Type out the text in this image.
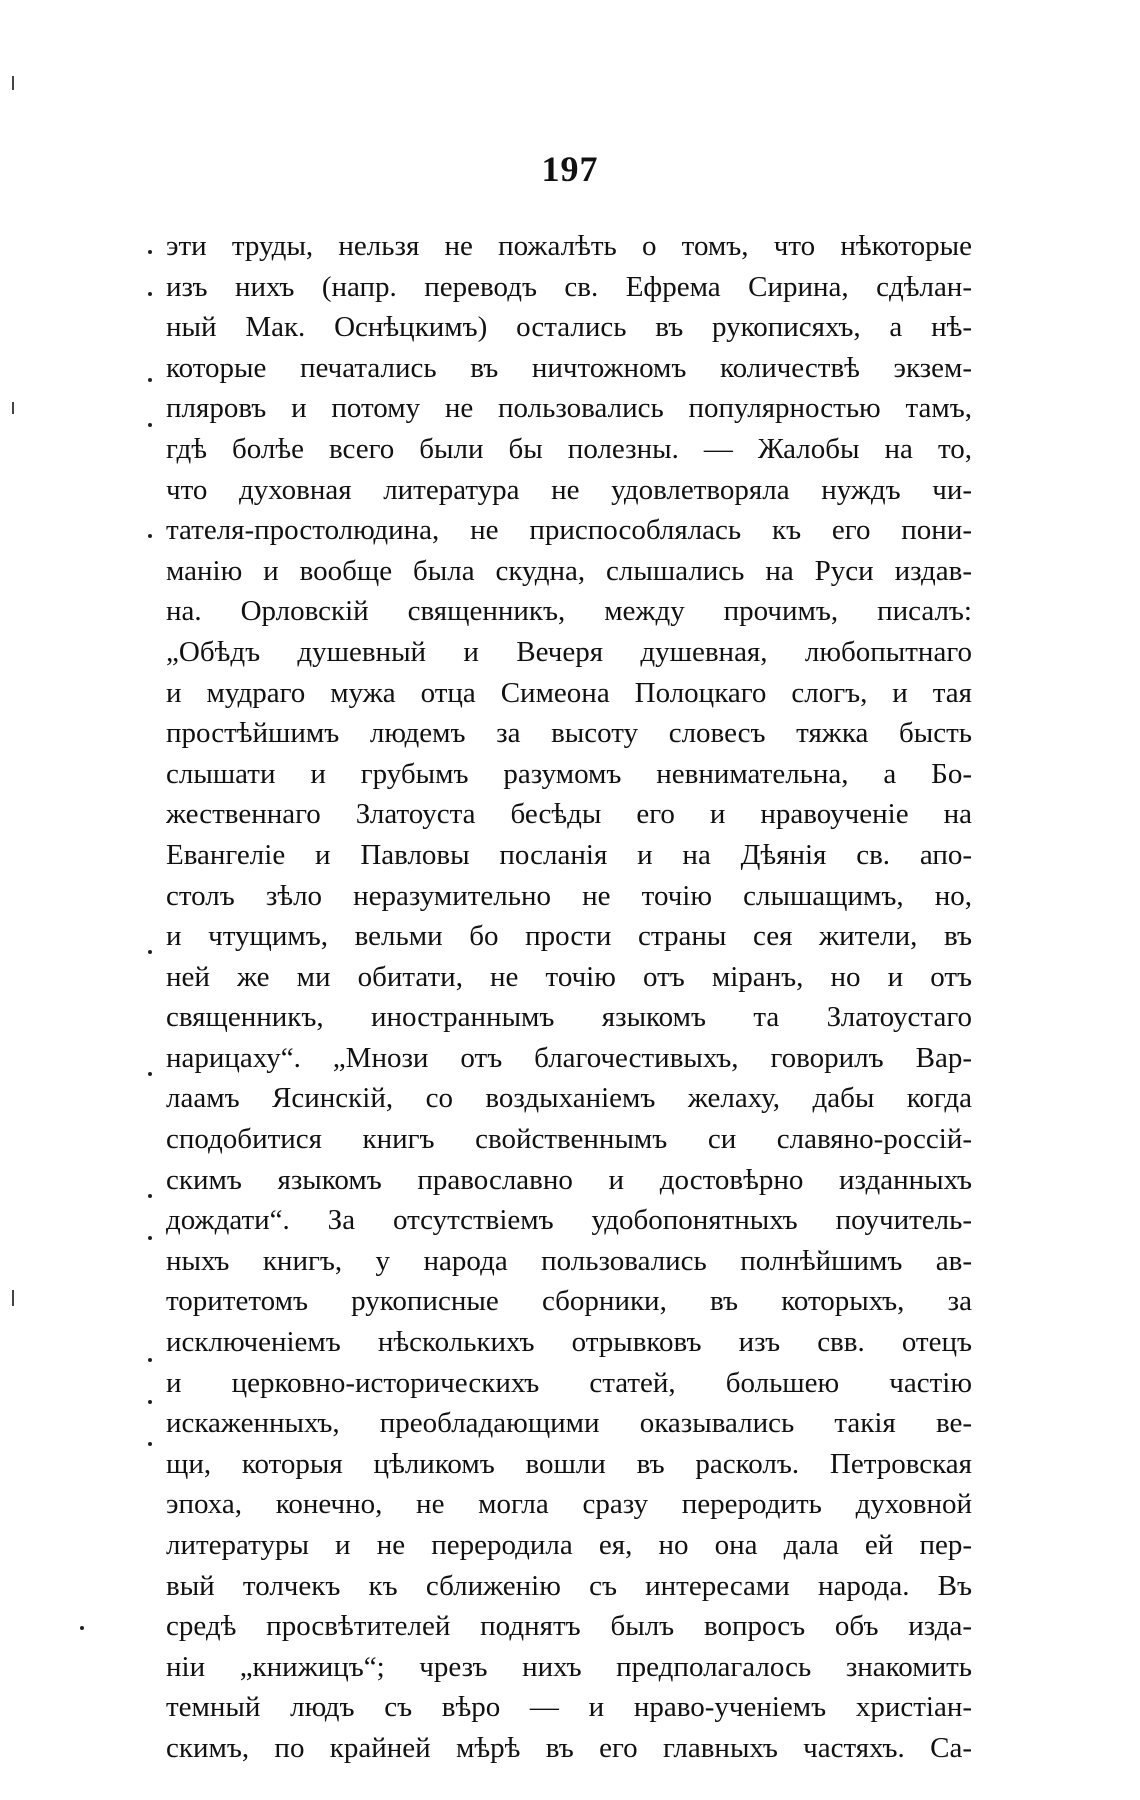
197
эти труды, нельзя не пожалѣть о томъ, что нѣкоторые
изъ нихъ (напр. переводъ св. Ефрема Сирина, сдѣлан-
ный Мак. Оснѣцкимъ) остались въ рукописяхъ, а нѣ-
которые печатались въ ничтожномъ количествѣ экзем-
пляровъ и потому не пользовались популярностью тамъ,
гдѣ болѣе всего были бы полезны. — Жалобы на то,
что духовная литература не удовлетворяла нуждъ чи-
тателя-простолюдина, не приспособлялась къ его пони-
манію и вообще была скудна, слышались на Руси издав-
на. Орловскій священникъ, между прочимъ, писалъ:
„Обѣдъ душевный и Вечеря душевная, любопытнаго
и мудраго мужа отца Симеона Полоцкаго слогъ, и тая
простѣйшимъ людемъ за высоту словесъ тяжка бысть
слышати и грубымъ разумомъ невнимательна, а Бо-
жественнаго Златоуста бесѣды его и нравоученіе на
Евангеліе и Павловы посланія и на Дѣянія св. апо-
столъ зѣло неразумительно не точію слышащимъ, но,
и чтущимъ, вельми бо прости страны сея жители, въ
ней же ми обитати, не точію отъ міранъ, но и отъ
священникъ, иностраннымъ языкомъ та Златоустаго
нарицаху“. „Мнози отъ благочестивыхъ, говорилъ Вар-
лаамъ Ясинскій, со воздыханіемъ желаху, дабы когда
сподобитися книгъ свойственнымъ си славяно-россій-
скимъ языкомъ православно и достовѣрно изданныхъ
дождати“. За отсутствіемъ удобопонятныхъ поучитель-
ныхъ книгъ, у народа пользовались полнѣйшимъ ав-
торитетомъ рукописные сборники, въ которыхъ, за
исключеніемъ нѣсколькихъ отрывковъ изъ свв. отецъ
и церковно-историческихъ статей, большею частію
искаженныхъ, преобладающими оказывались такія ве-
щи, которыя цѣликомъ вошли въ расколъ. Петровская
эпоха, конечно, не могла сразу переродить духовной
литературы и не переродила ея, но она дала ей пер-
вый толчекъ къ сближенію съ интересами народа. Въ
средѣ просвѣтителей поднятъ былъ вопросъ объ изда-
ніи „книжицъ“; чрезъ нихъ предполагалось знакомить
темный людъ съ вѣро — и нраво-ученіемъ христіан-
скимъ, по крайней мѣрѣ въ его главныхъ частяхъ. Са-
